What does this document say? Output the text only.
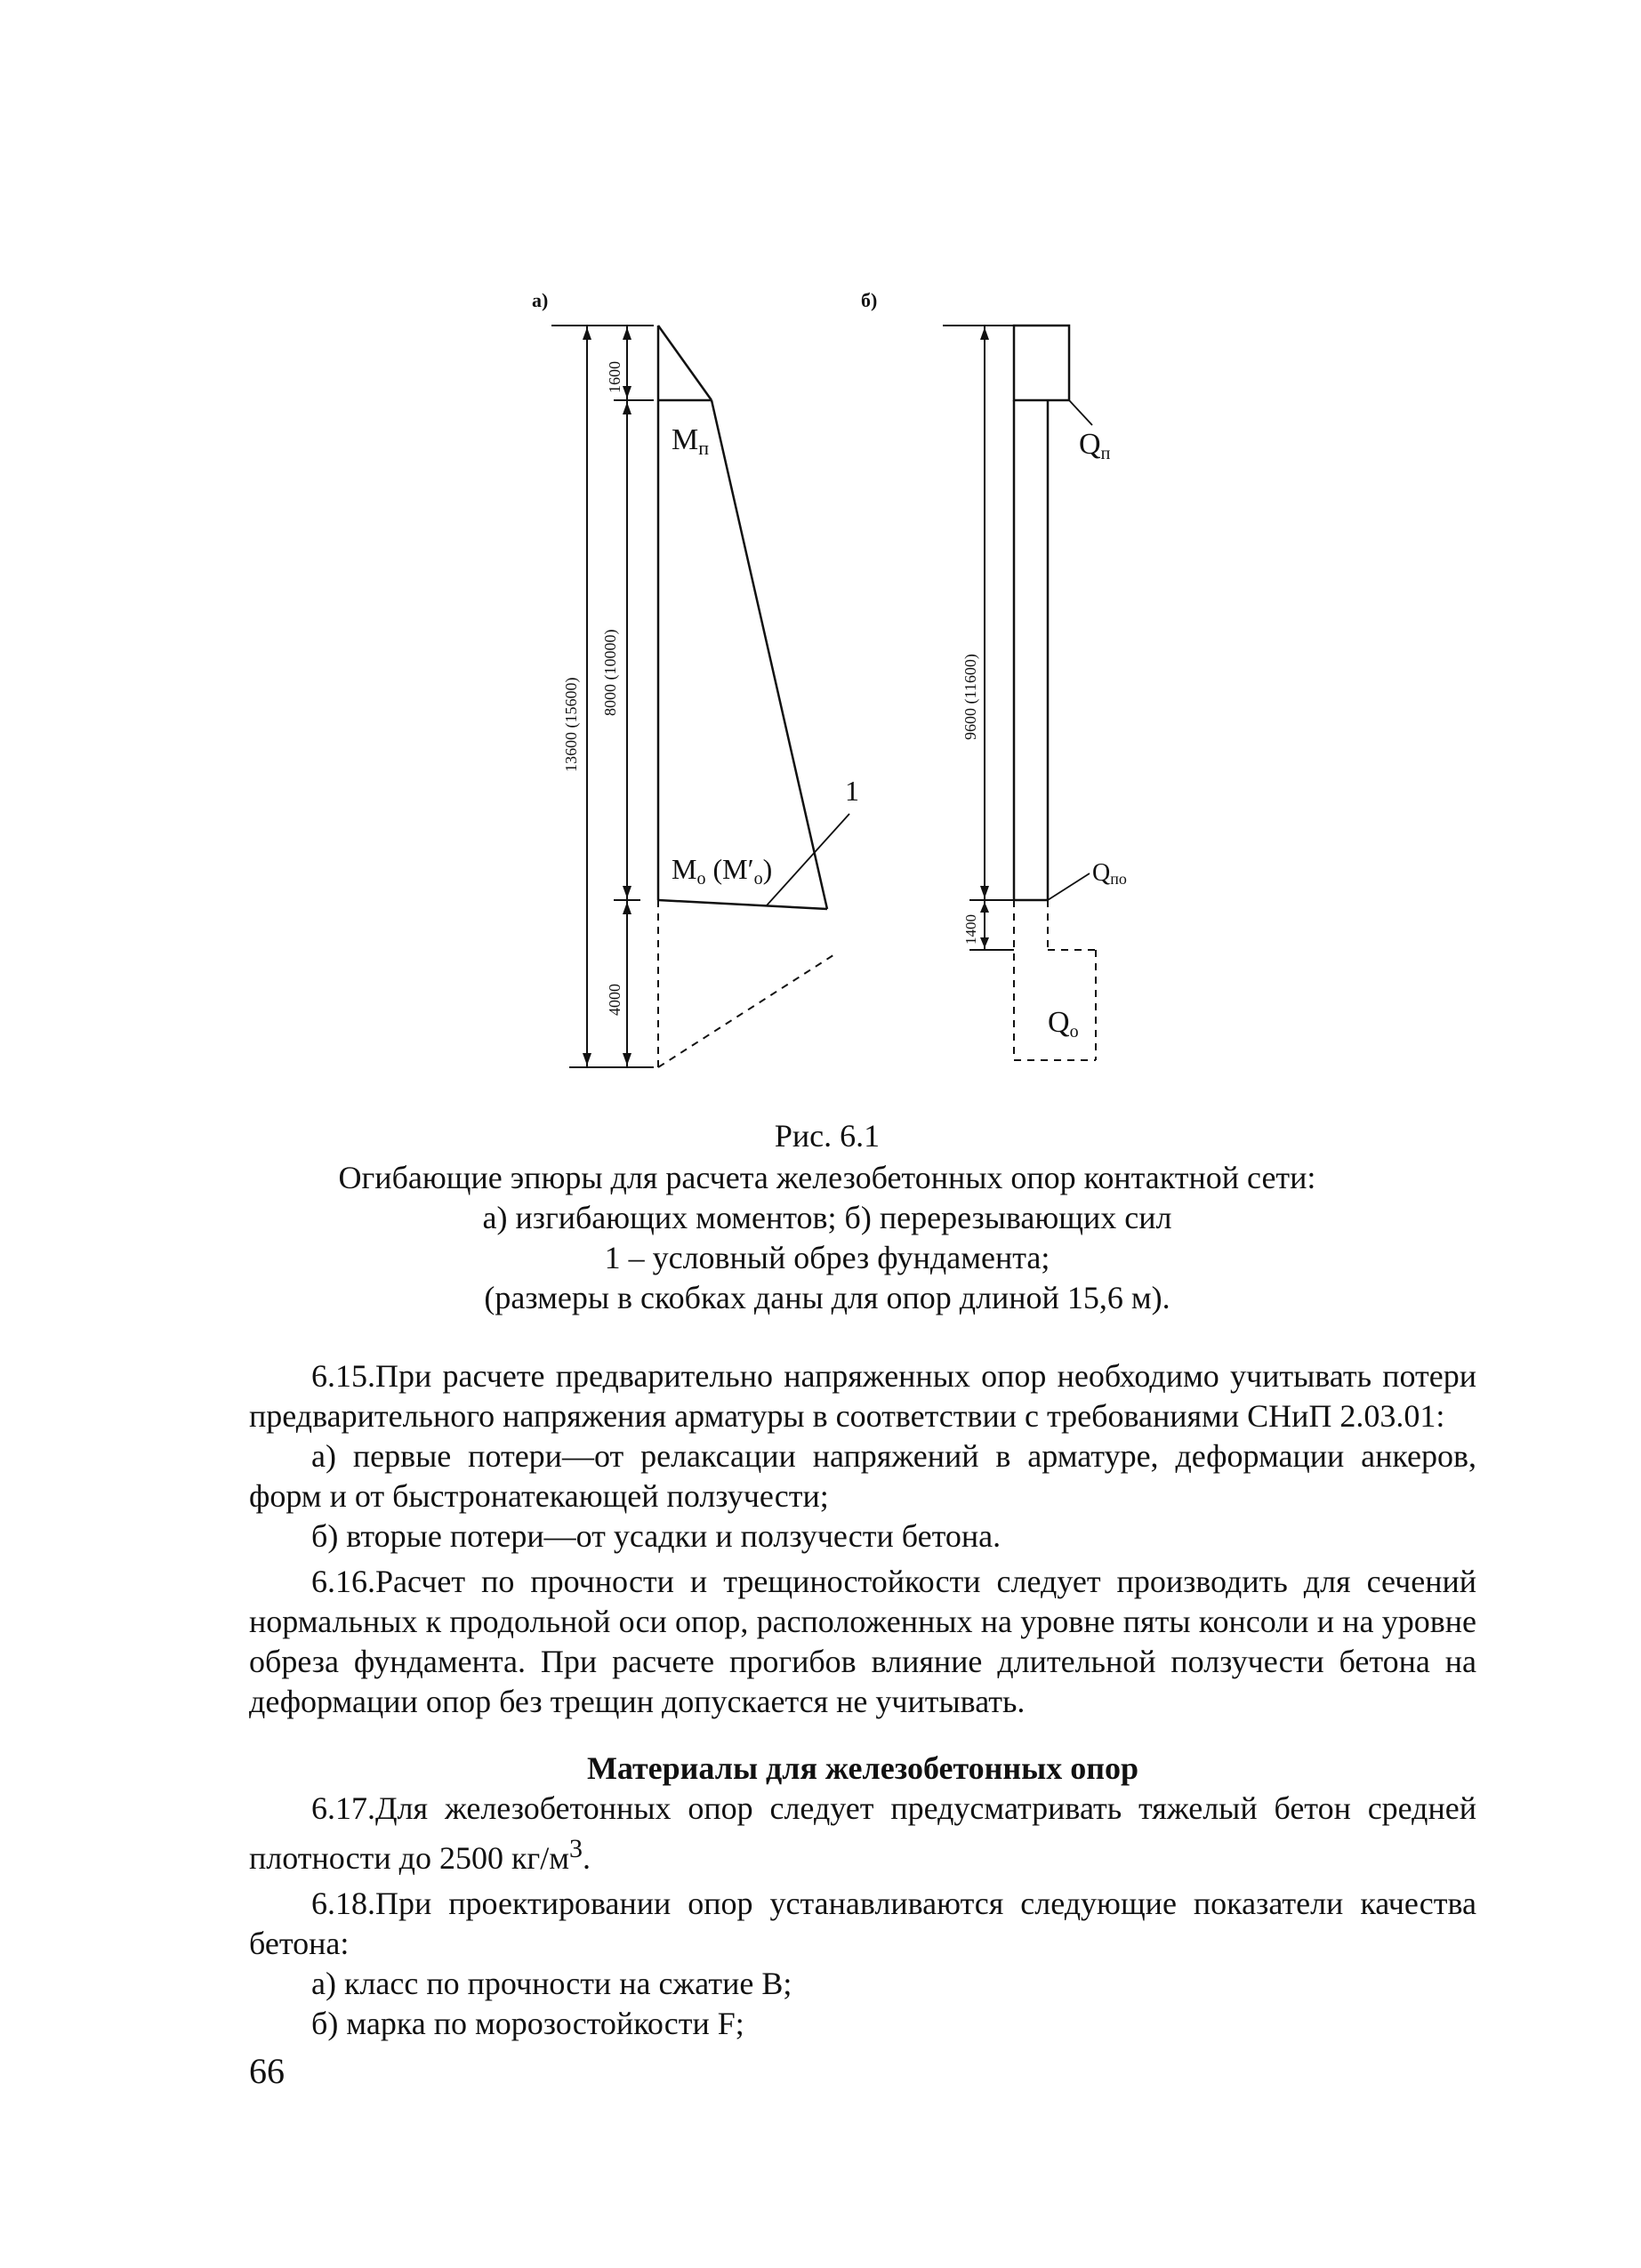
а)
1600
8000 (10000)
13600 (15600)
4000
Mп
Mо (M′о)
1
б)
9600 (11600)
1400
Qп
Qпо
Qо
Рис. 6.1
Огибающие эпюры для расчета железобетонных опор контактной сети:
а) изгибающих моментов; б) перерезывающих сил
1 – условный обрез фундамента;
(размеры в скобках даны для опор длиной 15,6 м).

6.15.При расчете предварительно напряженных опор необходимо учитывать потери предварительного напряжения арматуры в соответствии с требованиями СНиП 2.03.01:

а) первые потери—от релаксации напряжений в арматуре, деформации анкеров, форм и от быстронатекающей ползучести;

б) вторые потери—от усадки и ползучести бетона.

6.16.Расчет по прочности и трещиностойкости следует производить для сечений нормальных к продольной оси опор, расположенных на уровне пяты консоли и на уровне обреза фундамента. При расчете прогибов влияние длительной ползучести бетона на деформации опор без трещин допускается не учитывать.

Материалы для железобетонных опор

6.17.Для железобетонных опор следует предусматривать тяжелый бетон средней плотности до 2500 $кг/м^3$.

6.18.При проектировании опор устанавливаются следующие показатели качества бетона:

а) класс по прочности на сжатие В;

б) марка по морозостойкости F;

66
